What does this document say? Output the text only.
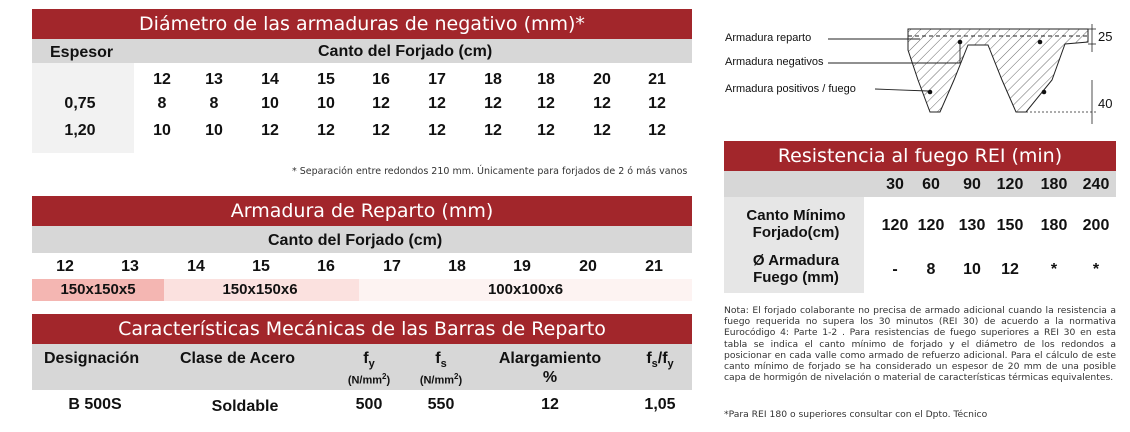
Diámetro de las armaduras de negativo (mm)*
Espesor	Canto del Forjado (cm)
12	13	14	15	16	17	18	18	20	21
0,75	8	8	10	10	12	12	12	12	12	12
1,20	10	10	12	12	12	12	12	12	12	12
* Separación entre redondos 210 mm. Únicamente para forjados de 2 ó más vanos
Armadura de Reparto (mm)
Canto del Forjado (cm)
12	13	14	15	16	17	18	19	20	21
150x150x5	150x150x6	100x100x6
Características Mecánicas de las Barras de Reparto
Designación	Clase de Acero	$f_y$
$(N/mm^2)$
$f_s$
$(N/mm^2)$
Alargamiento
%
$f_s/f_y$
B 500S	Soldable	500	550	12	1,05
Armadura reparto
Armadura negativos
Armadura positivos / fuego
25
40
Resistencia al fuego REI (min)
30	60	90 120	180 240
Canto Mínimo
Forjado(cm)
Ø Armadura
Fuego (mm)
120 120 130 150	180 200
-	8	10	12	*	*
Nota: El forjado colaborante no precisa de armado adicional cuando la resistencia a fuego requerida no supera los 30 minutos (REI 30) de acuerdo a la normativa Eurocódigo 4: Parte 1-2 . Para resistencias de fuego superiores a REI 30 en esta tabla se indica el canto mínimo de forjado y el diámetro de los redondos a posicionar en cada valle como armado de refuerzo adicional. Para el cálculo de este canto mínimo de forjado se ha considerado un espesor de 20 mm de una posible capa de hormigón de nivelación o material de características térmicas equivalentes.
*Para REI 180 o superiores consultar con el Dpto. Técnico
